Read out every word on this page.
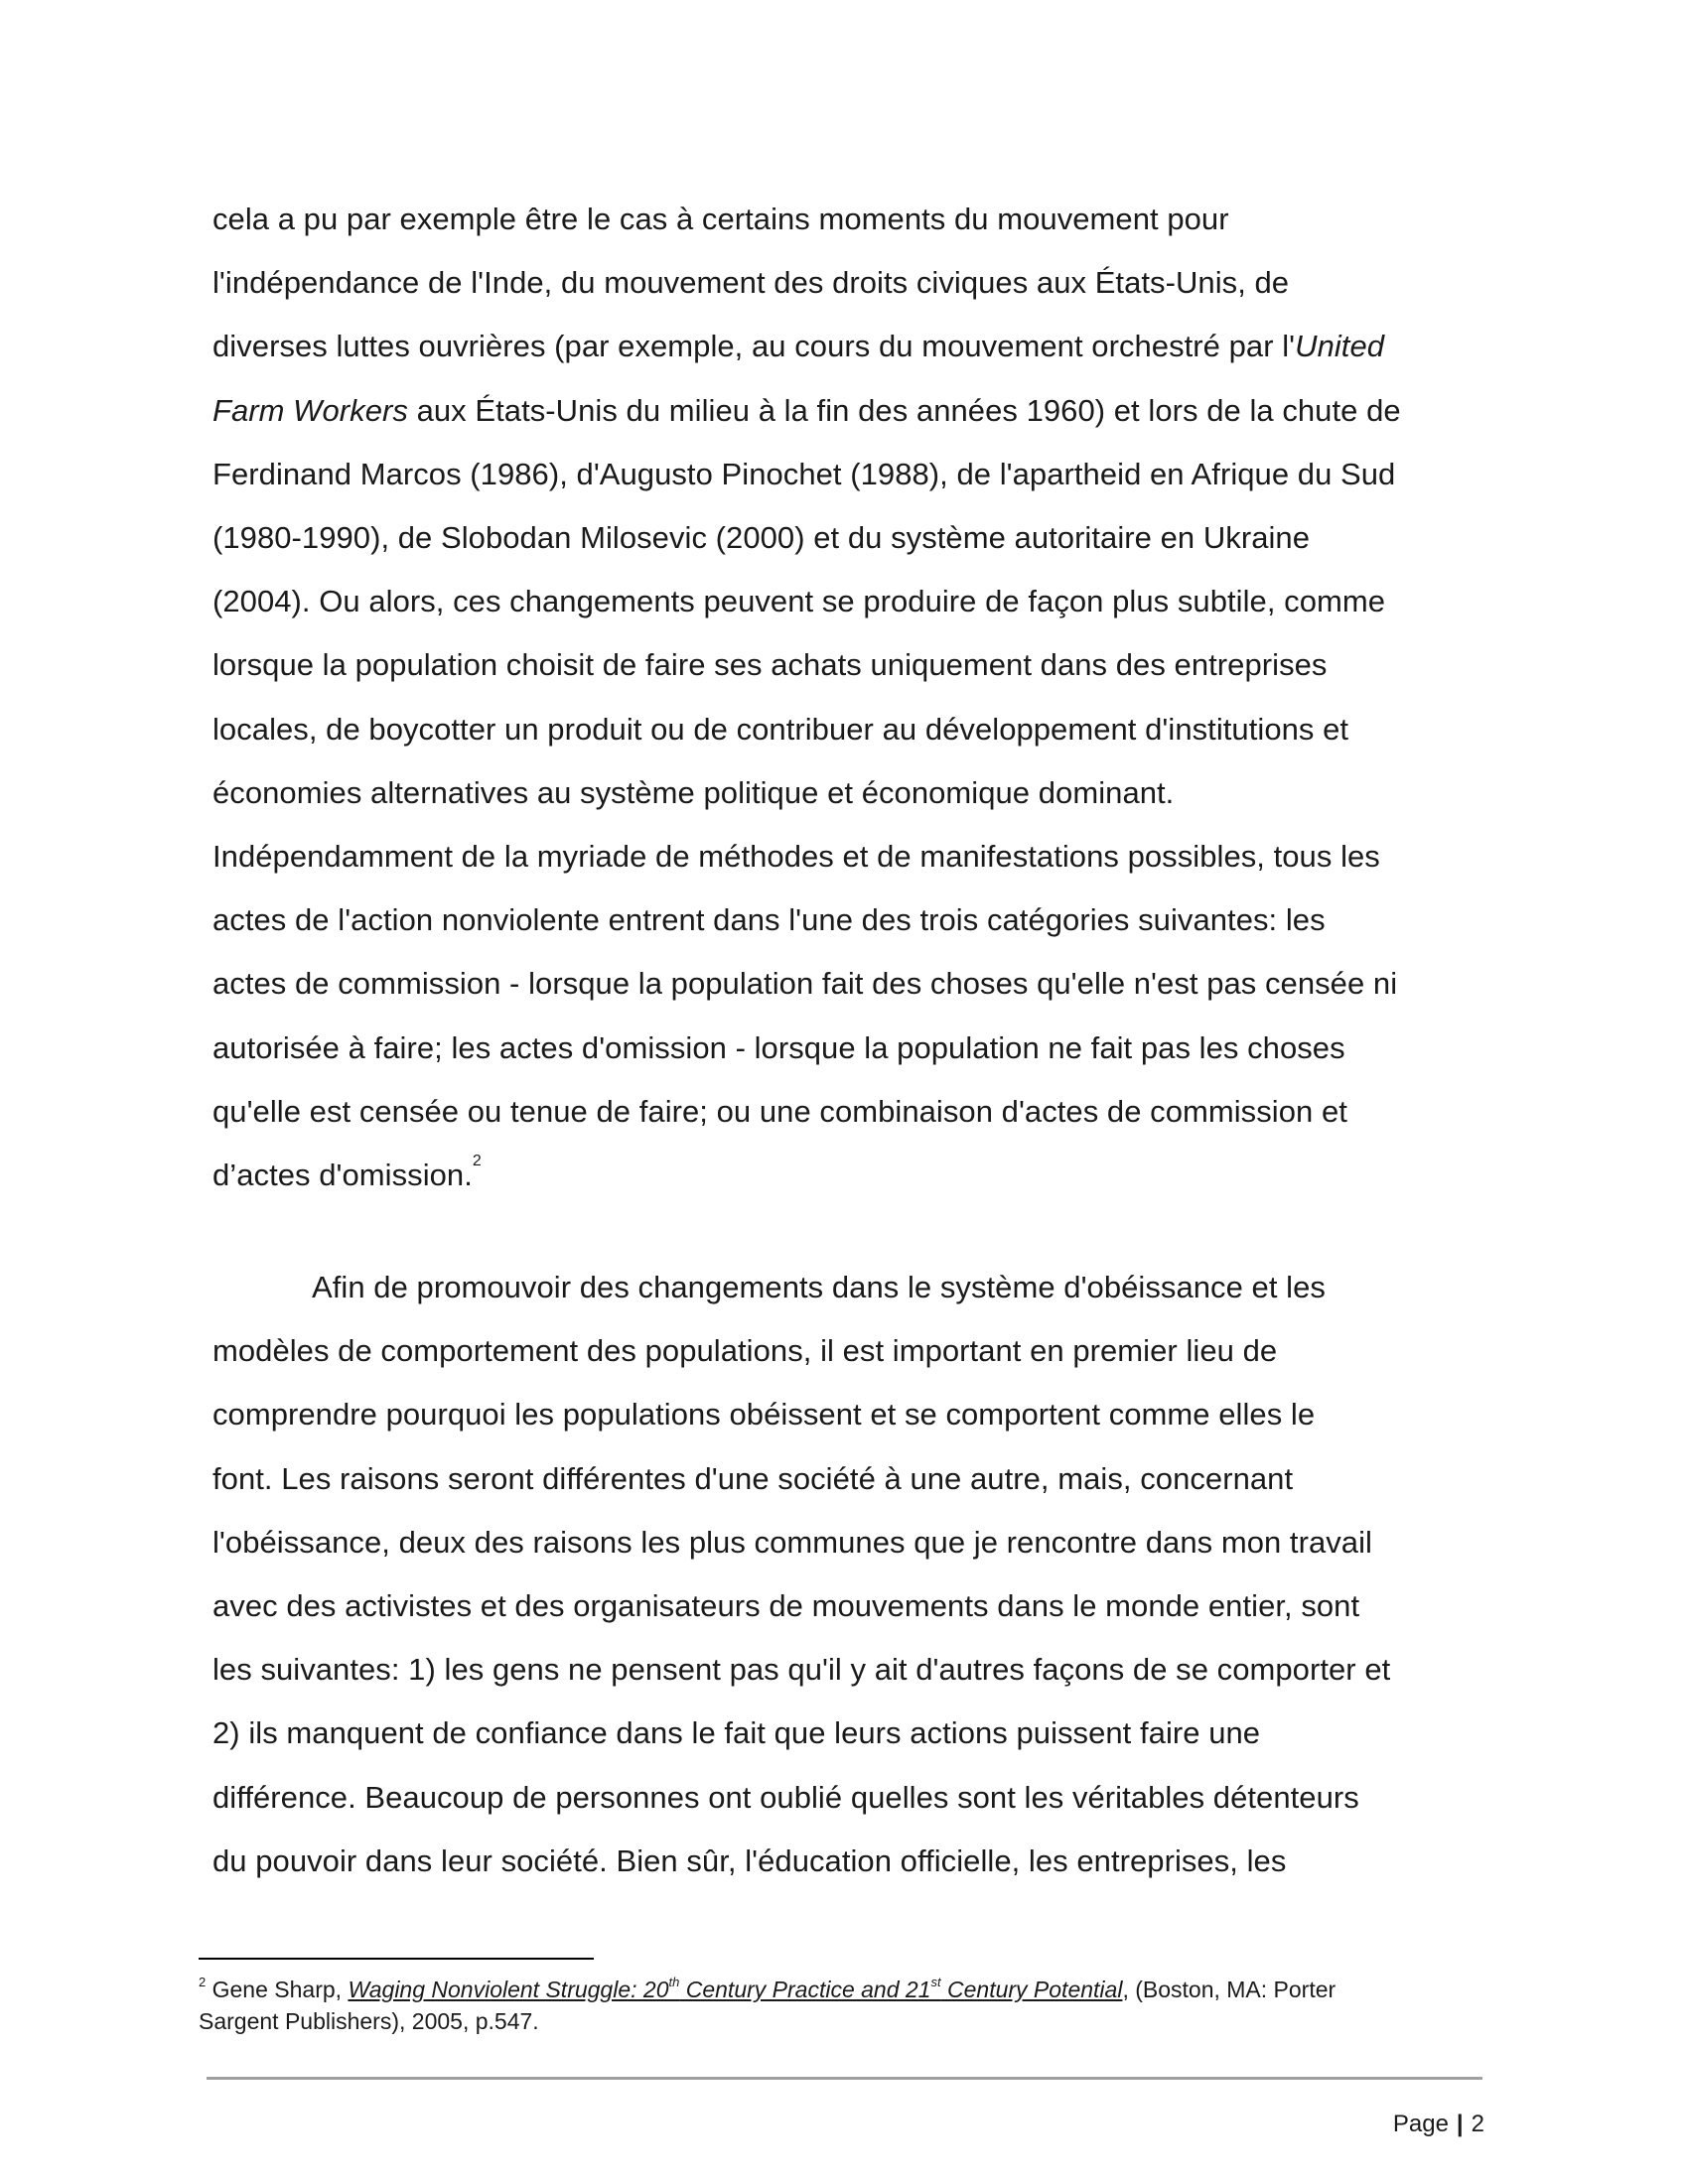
cela a pu par exemple être le cas à certains moments du mouvement pour
l'indépendance de l'Inde, du mouvement des droits civiques aux États-Unis, de
diverses luttes ouvrières (par exemple, au cours du mouvement orchestré par l'United
Farm Workers aux États-Unis du milieu à la fin des années 1960) et lors de la chute de
Ferdinand Marcos (1986), d'Augusto Pinochet (1988), de l'apartheid en Afrique du Sud
(1980-1990), de Slobodan Milosevic (2000) et du système autoritaire en Ukraine
(2004). Ou alors, ces changements peuvent se produire de façon plus subtile, comme
lorsque la population choisit de faire ses achats uniquement dans des entreprises
locales, de boycotter un produit ou de contribuer au développement d'institutions et
économies alternatives au système politique et économique dominant.
Indépendamment de la myriade de méthodes et de manifestations possibles, tous les
actes de l'action nonviolente entrent dans l'une des trois catégories suivantes: les
actes de commission - lorsque la population fait des choses qu'elle n'est pas censée ni
autorisée à faire; les actes d'omission - lorsque la population ne fait pas les choses
qu'elle est censée ou tenue de faire; ou une combinaison d'actes de commission et
d’actes d'omission.$^2$
Afin de promouvoir des changements dans le système d'obéissance et les
modèles de comportement des populations, il est important en premier lieu de
comprendre pourquoi les populations obéissent et se comportent comme elles le
font. Les raisons seront différentes d'une société à une autre, mais, concernant
l'obéissance, deux des raisons les plus communes que je rencontre dans mon travail
avec des activistes et des organisateurs de mouvements dans le monde entier, sont
les suivantes: 1) les gens ne pensent pas qu'il y ait d'autres façons de se comporter et
2) ils manquent de confiance dans le fait que leurs actions puissent faire une
différence. Beaucoup de personnes ont oublié quelles sont les véritables détenteurs
du pouvoir dans leur société. Bien sûr, l'éducation officielle, les entreprises, les
$^2$ Gene Sharp, Waging Nonviolent Struggle: 20th Century Practice and 21st Century Potential, (Boston, MA: Porter
Sargent Publishers), 2005, p.547.
Page | 2
